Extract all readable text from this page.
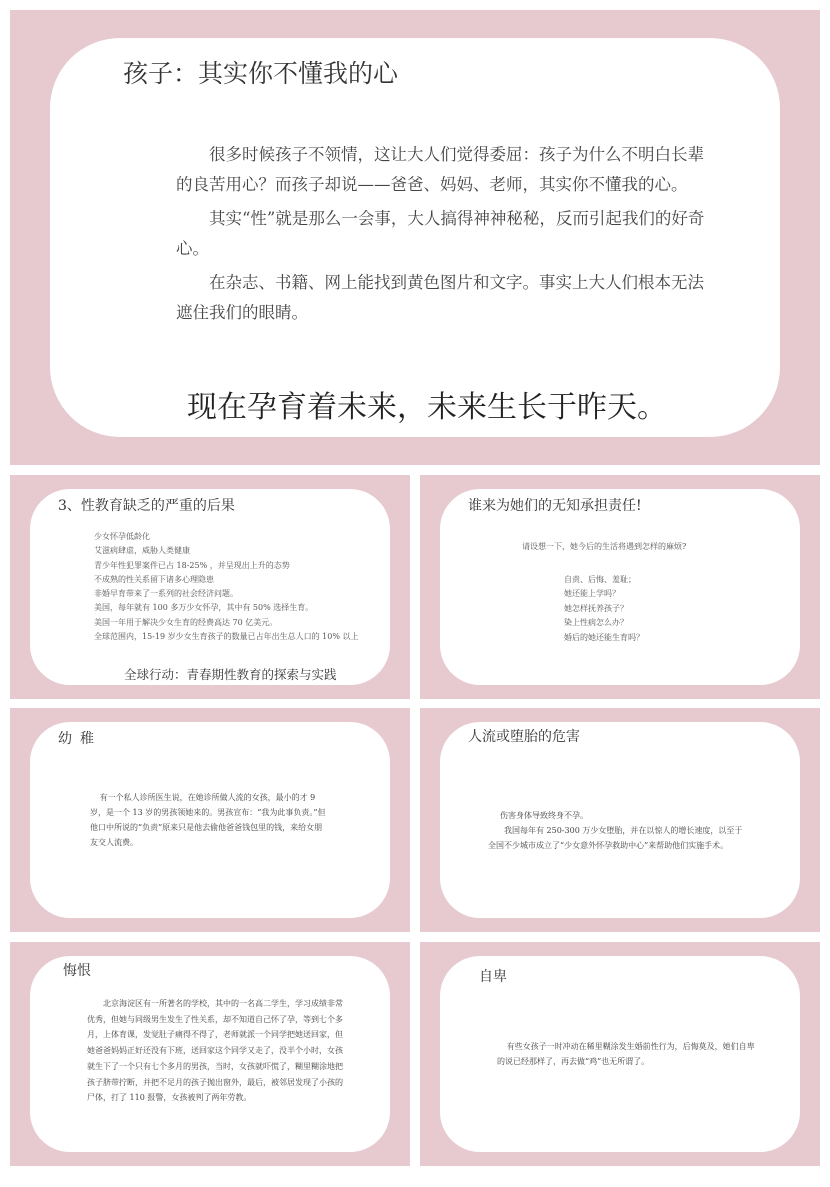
孩子：其实你不懂我的心

很多时候孩子不领情，这让大人们觉得委屈：孩子为什么不明白长辈的良苦用心？而孩子却说——爸爸、妈妈、老师，其实你不懂我的心。

其实“性”就是那么一会事，大人搞得神神秘秘，反而引起我们的好奇心。

在杂志、书籍、网上能找到黄色图片和文字。事实上大人们根本无法遮住我们的眼睛。

现在孕育着未来，未来生长于昨天。
3、性教育缺乏的严重的后果
少女怀孕低龄化
艾滋病肆虐，威胁人类健康
青少年性犯罪案件已占 18-25% ，并呈现出上升的态势
不成熟的性关系留下诸多心理隐患
非婚早育带来了一系列的社会经济问题。
美国，每年就有 100 多万少女怀孕，其中有 50% 选择生育。
美国一年用于解决少女生育的经费高达 70 亿美元。
全球范围内，15-19 岁少女生育孩子的数量已占年出生总人口的 10% 以上
全球行动：青春期性教育的探索与实践
谁来为她们的无知承担责任!
请设想一下，她今后的生活将遇到怎样的麻烦?
自责、后悔、羞耻；
她还能上学吗？
她怎样抚养孩子？
染上性病怎么办？
婚后的她还能生育吗？
幼稚

有一个私人诊所医生说，在她诊所做人流的女孩，最小的才 9 岁，是一个 13 岁的男孩领她来的。男孩宣布：“我为此事负责。”但他口中所说的“负责”原来只是他去偷他爸爸钱包里的钱，来给女朋友交人流费。

人流或堕胎的危害

伤害身体导致终身不孕。

我国每年有 250-300 万少女堕胎，并在以惊人的增长速度，以至于全国不少城市成立了“少女意外怀孕救助中心”来帮助他们实施手术。

悔恨

北京海淀区有一所著名的学校，其中的一名高二学生，学习成绩非常优秀，但她与同级男生发生了性关系，却不知道自己怀了孕，等到七个多月，上体育课，发觉肚子痛得不得了，老师就派一个同学把她送回家，但她爸爸妈妈正好还没有下班，送回家这个同学又走了，没半个小时，女孩就生下了一个只有七个多月的男孩，当时，女孩就吓慌了，糊里糊涂地把孩子脐带拧断，并把不足月的孩子抛出窗外，最后，被邻居发现了小孩的尸体，打了 110 报警，女孩被判了两年劳教。

自卑

有些女孩子一时冲动在稀里糊涂发生婚前性行为，后悔莫及，她们自卑的说已经那样了，再去做“鸡”也无所谓了。
